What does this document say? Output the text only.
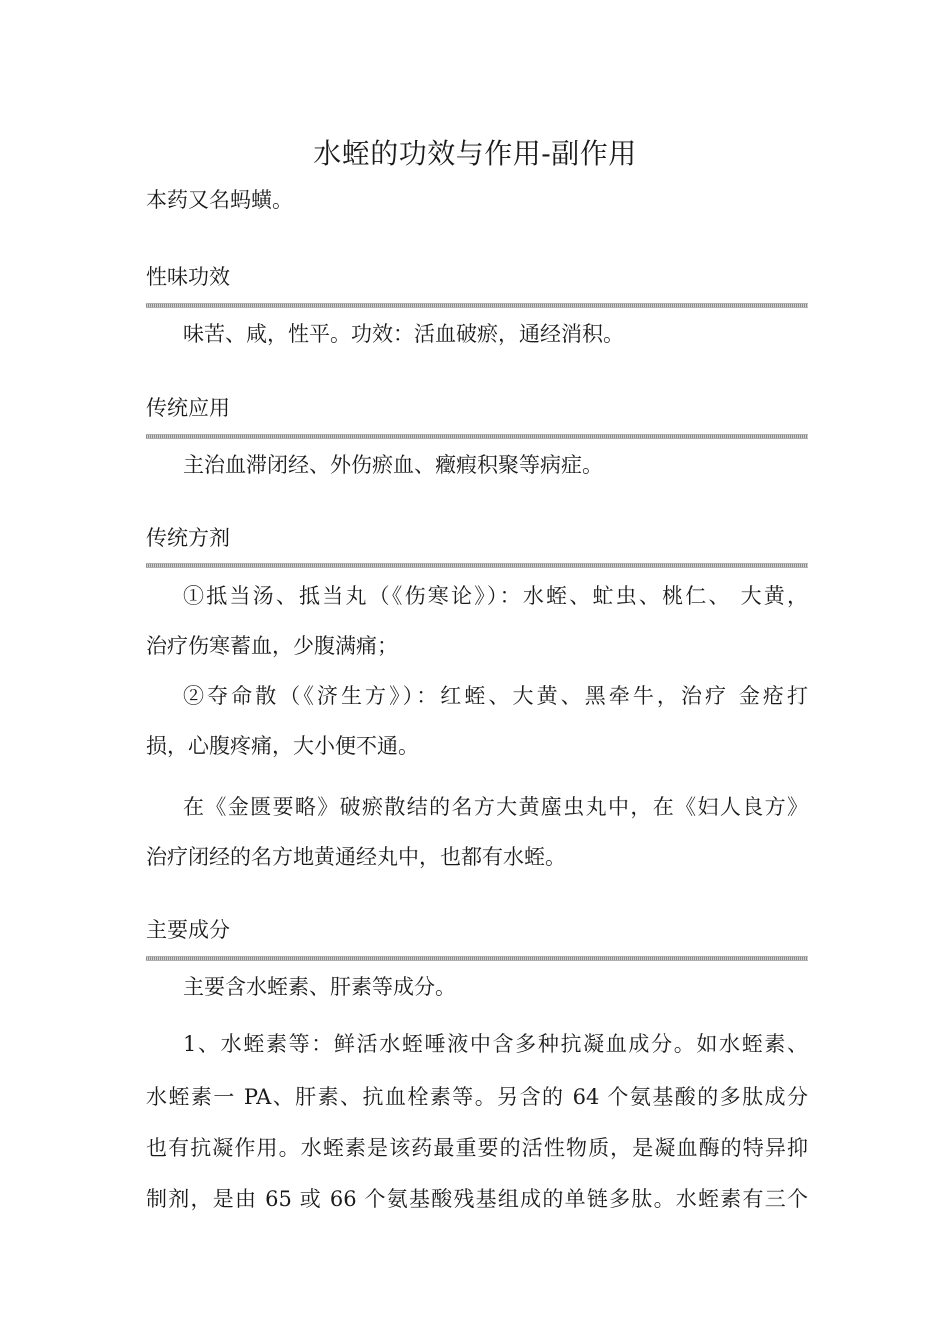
水蛭的功效与作用-副作用
本药又名蚂蟥。
性味功效
味苦、咸，性平。功效：活血破瘀，通经消积。
传统应用
主治血滞闭经、外伤瘀血、癥瘕积聚等病症。
传统方剂
①抵当汤、抵当丸（《伤寒论》）：水蛭、虻虫、桃仁、 大黄，
治疗伤寒蓄血，少腹满痛；
②夺命散（《济生方》）：红蛭、大黄、黑牵牛，治疗 金疮打
损，心腹疼痛，大小便不通。
在《金匮要略》破瘀散结的名方大黄䗪虫丸中，在《妇人良方》
治疗闭经的名方地黄通经丸中，也都有水蛭。
主要成分
主要含水蛭素、肝素等成分。
1、水蛭素等：鲜活水蛭唾液中含多种抗凝血成分。如水蛭素、
水蛭素一 PA、肝素、抗血栓素等。另含的 64 个氨基酸的多肽成分
也有抗凝作用。水蛭素是该药最重要的活性物质，是凝血酶的特异抑
制剂，是由 65 或 66 个氨基酸残基组成的单链多肽。水蛭素有三个
